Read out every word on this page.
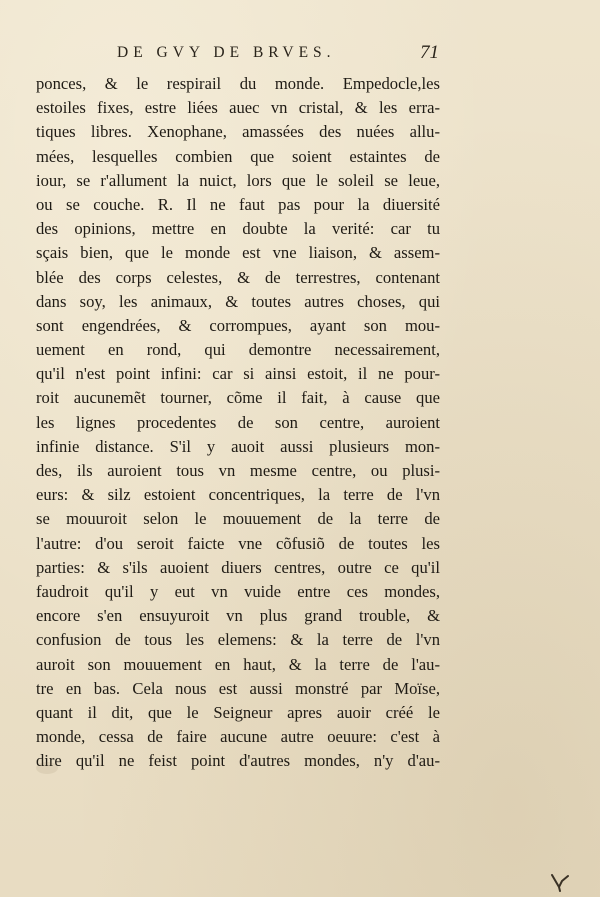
DE GVY DE BRVES.	71
ponces, & le respirail du monde. Empedocle,les
estoiles fixes, estre liées auec vn cristal, & les erra-
tiques libres. Xenophane, amassées des nuées allu-
mées, lesquelles combien que soient estaintes de
iour, se r'allument la nuict, lors que le soleil se leue,
ou se couche. R. Il ne faut pas pour la diuersité
des opinions, mettre en doubte la verité: car tu
sçais bien, que le monde est vne liaison, & assem-
blée des corps celestes, & de terrestres, contenant
dans soy, les animaux, & toutes autres choses, qui
sont engendrées, & corrompues, ayant son mou-
uement en rond, qui demontre necessairement,
qu'il n'est point infini: car si ainsi estoit, il ne pour-
roit aucunemẽt tourner, cõme il fait, à cause que
les lignes procedentes de son centre, auroient
infinie distance. S'il y auoit aussi plusieurs mon-
des, ils auroient tous vn mesme centre, ou plusi-
eurs: & silz estoient concentriques, la terre de l'vn
se mouuroit selon le mouuement de la terre de
l'autre: d'ou seroit faicte vne cõfusiõ de toutes les
parties: & s'ils auoient diuers centres, outre ce qu'il
faudroit qu'il y eut vn vuide entre ces mondes,
encore s'en ensuyuroit vn plus grand trouble, &
confusion de tous les elemens: & la terre de l'vn
auroit son mouuement en haut, & la terre de l'au-
tre en bas. Cela nous est aussi monstré par Moïse,
quant il dit, que le Seigneur apres auoir créé le
monde, cessa de faire aucune autre oeuure: c'est à
dire qu'il ne feist point d'autres mondes, n'y d'au-
